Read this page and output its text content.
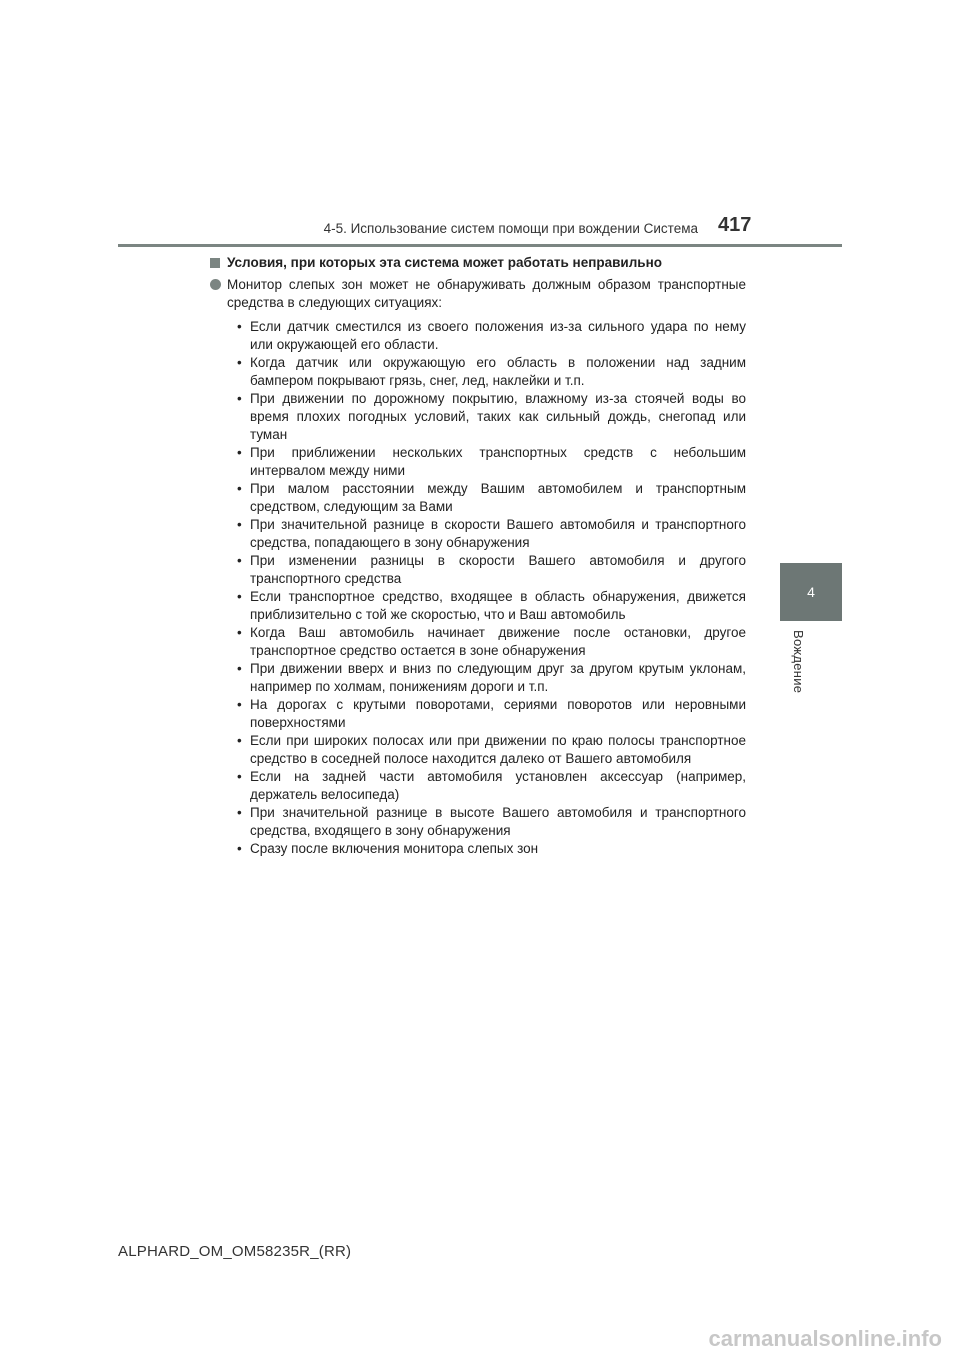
4-5. Использование систем помощи при вождении Система 417
4
Вождение
Условия, при которых эта система может работать неправильно
Монитор слепых зон может не обнаруживать должным образом транспортные средства в следующих ситуациях:
• Если датчик сместился из своего положения из-за сильного удара по нему или окружающей его области.
• Когда датчик или окружающую его область в положении над задним бампером покрывают грязь, снег, лед, наклейки и т.п.
• При движении по дорожному покрытию, влажному из-за стоячей воды во время плохих погодных условий, таких как сильный дождь, снегопад или туман
• При приближении нескольких транспортных средств с небольшим интервалом между ними
• При малом расстоянии между Вашим автомобилем и транспортным средством, следующим за Вами
• При значительной разнице в скорости Вашего автомобиля и транспортного средства, попадающего в зону обнаружения
• При изменении разницы в скорости Вашего автомобиля и другого транспортного средства
• Если транспортное средство, входящее в область обнаружения, движется приблизительно с той же скоростью, что и Ваш автомобиль
• Когда Ваш автомобиль начинает движение после остановки, другое транспортное средство остается в зоне обнаружения
• При движении вверх и вниз по следующим друг за другом крутым уклонам, например по холмам, понижениям дороги и т.п.
• На дорогах с крутыми поворотами, сериями поворотов или неровными поверхностями
• Если при широких полосах или при движении по краю полосы транспортное средство в соседней полосе находится далеко от Вашего автомобиля
• Если на задней части автомобиля установлен аксессуар (например, держатель велосипеда)
• При значительной разнице в высоте Вашего автомобиля и транспортного средства, входящего в зону обнаружения
• Сразу после включения монитора слепых зон
ALPHARD_OM_OM58235R_(RR)
carmanualsonline.info
